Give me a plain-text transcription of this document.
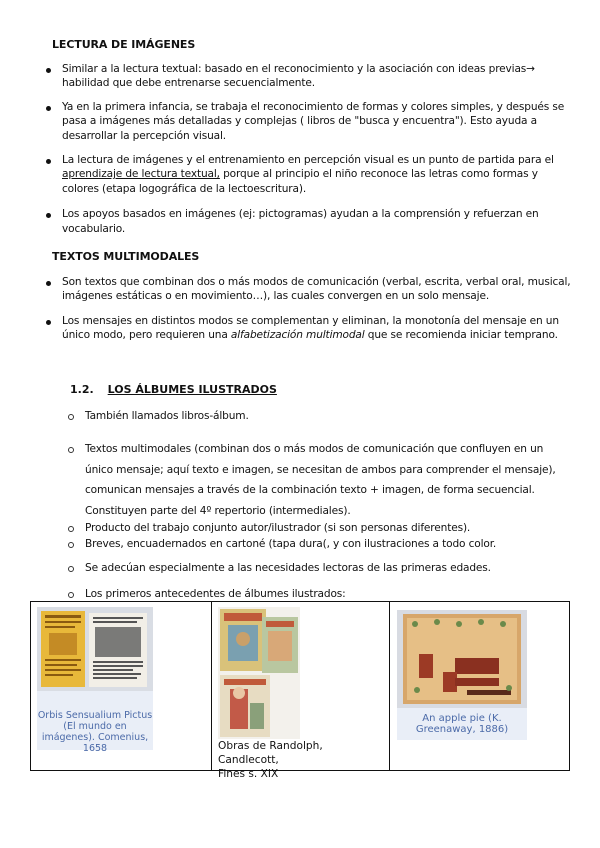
LECTURA DE IMÁGENES
Similar a la lectura textual: basado en el reconocimiento y la asociación con ideas previas→ habilidad que debe entrenarse secuencialmente.
Ya en la primera infancia, se trabaja el reconocimiento de formas y colores simples, y después se pasa a imágenes más detalladas y complejas ( libros de "busca y encuentra"). Esto ayuda a desarrollar la percepción visual.
La lectura de imágenes y el entrenamiento en percepción visual es un punto de partida para el aprendizaje de lectura textual, porque al principio el niño reconoce las letras como formas y colores (etapa logográfica de la lectoescritura).
Los apoyos basados en imágenes (ej: pictogramas) ayudan a la comprensión y refuerzan en vocabulario.
TEXTOS MULTIMODALES
Son textos que combinan dos o más modos de comunicación (verbal, escrita, verbal oral, musical, imágenes estáticas o en movimiento…), las cuales convergen en un solo mensaje.
Los mensajes en distintos modos se complementan y eliminan, la monotonía del mensaje en un único modo, pero requieren una alfabetización multimodal que se recomienda iniciar temprano.
1.2. LOS ÁLBUMES ILUSTRADOS
También llamados libros-álbum.
Textos multimodales (combinan dos o más modos de comunicación que confluyen en un único mensaje; aquí texto e imagen, se necesitan de ambos para comprender el mensaje), comunican mensajes a través de la combinación texto + imagen, de forma secuencial. Constituyen parte del 4º repertorio (intermediales).
Producto del trabajo conjunto autor/ilustrador (si son personas diferentes).
Breves, encuadernados en cartoné (tapa dura(, y con ilustraciones a todo color.
Se adecúan especialmente a las necesidades lectoras de las primeras edades.
Los primeros antecedentes de álbumes ilustrados:
Orbis Sensualium Pictus (El mundo en imágenes). Comenius, 1658	Obras de Randolph, Candlecott,
Fines s. XIX
An apple pie (K. Greenaway, 1886)
